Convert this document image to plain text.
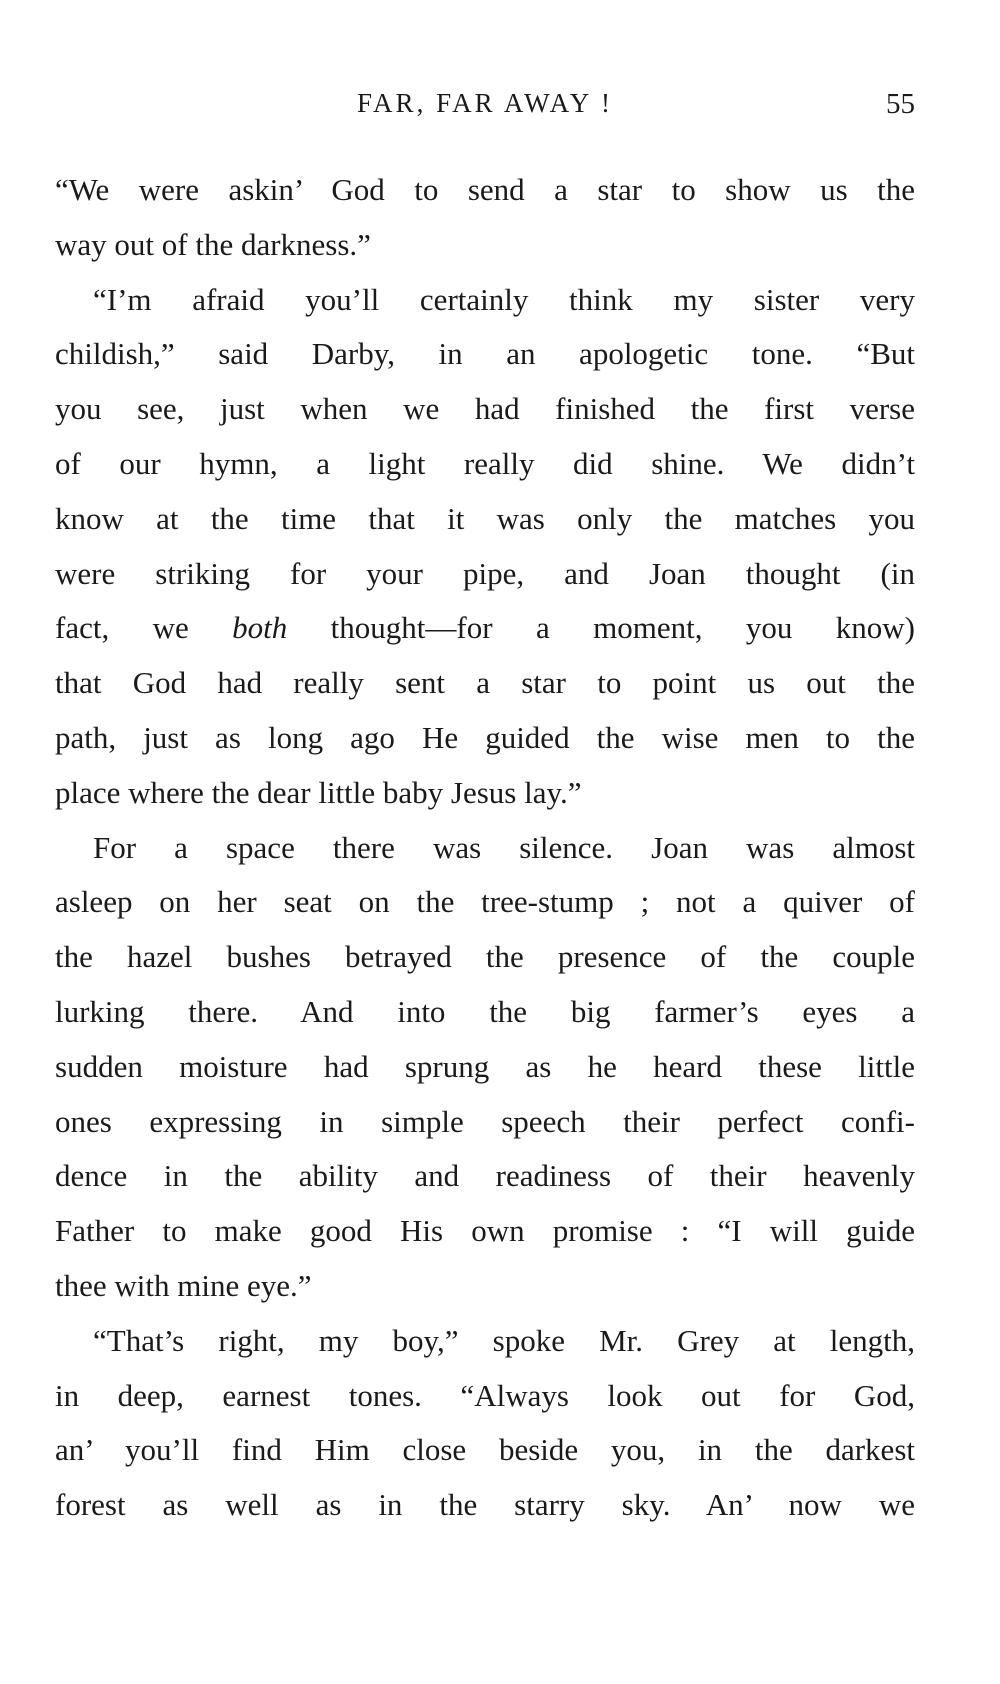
FAR, FAR AWAY !	55
“We were askin’ God to send a star to show us the
way out of the darkness.”
“I’m afraid you’ll certainly think my sister very
childish,” said Darby, in an apologetic tone. “But
you see, just when we had finished the first verse
of our hymn, a light really did shine. We didn’t
know at the time that it was only the matches you
were striking for your pipe, and Joan thought (in
fact, we both thought—for a moment, you know)
that God had really sent a star to point us out the
path, just as long ago He guided the wise men to the
place where the dear little baby Jesus lay.”
For a space there was silence. Joan was almost
asleep on her seat on the tree-stump ; not a quiver of
the hazel bushes betrayed the presence of the couple
lurking there. And into the big farmer’s eyes a
sudden moisture had sprung as he heard these little
ones expressing in simple speech their perfect confi-
dence in the ability and readiness of their heavenly
Father to make good His own promise : “I will guide
thee with mine eye.”
“That’s right, my boy,” spoke Mr. Grey at length,
in deep, earnest tones. “Always look out for God,
an’ you’ll find Him close beside you, in the darkest
forest as well as in the starry sky. An’ now we
